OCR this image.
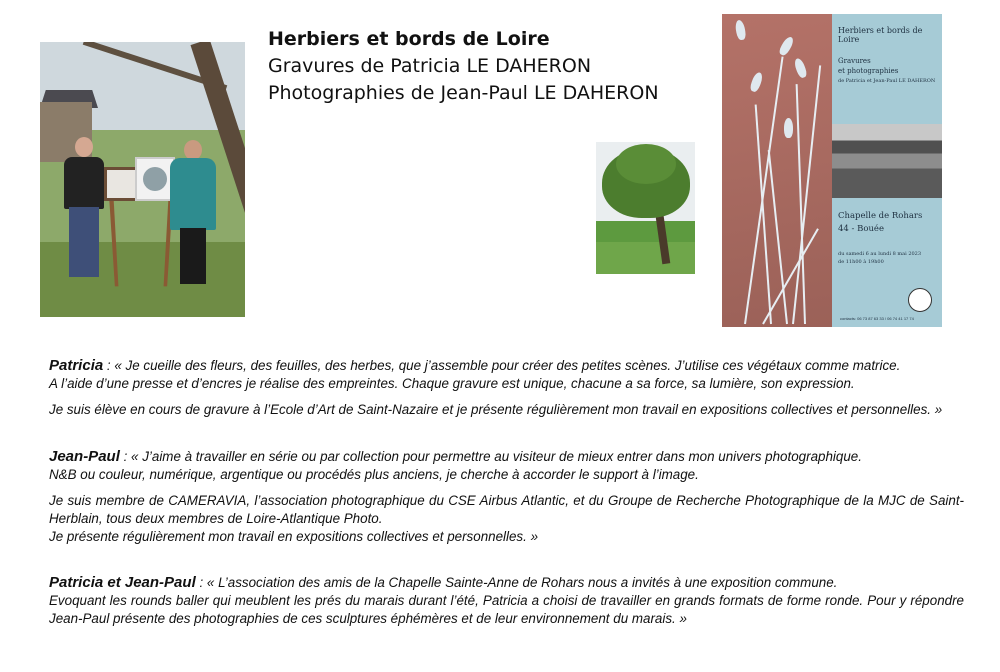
Herbiers et bords de Loire
Gravures de Patricia LE DAHERON
Photographies de Jean-Paul LE DAHERON
Herbiers et bords de Loire
Gravures
et photographies
de Patricia et Jean-Paul LE DAHERON
Chapelle de Rohars
44 - Bouée
du samedi 6 au lundi 8 mai 2023
de 11h00 à 19h00
contacts: 06 73 87 63 33 / 06 74 41 17 74

Patricia : « Je cueille des fleurs, des feuilles, des herbes, que j’assemble pour créer des petites scènes. J’utilise ces végétaux comme matrice.

A l’aide d’une presse et d’encres je réalise des empreintes. Chaque gravure est unique, chacune a sa force, sa lumière, son expression.

Je suis élève en cours de gravure à l’Ecole d’Art de Saint-Nazaire et je présente régulièrement mon travail en expositions collectives et personnelles. »

Jean-Paul : « J’aime à travailler en série ou par collection pour permettre au visiteur de mieux entrer dans mon univers photographique.

N&B ou couleur, numérique, argentique ou procédés plus anciens, je cherche à accorder le support à l’image.

Je suis membre de CAMERAVIA, l’association photographique du CSE Airbus Atlantic, et du Groupe de Recherche Photographique de la MJC de Saint-Herblain, tous deux membres de Loire-Atlantique Photo.

Je présente régulièrement mon travail en expositions collectives et personnelles. »

Patricia et Jean-Paul : « L’association des amis de la Chapelle Sainte-Anne de Rohars nous a invités à une exposition commune.

Evoquant les rounds baller qui meublent les prés du marais durant l’été, Patricia a choisi de travailler en grands formats de forme ronde. Pour y répondre Jean-Paul présente des photographies de ces sculptures éphémères et de leur environnement du marais. »
